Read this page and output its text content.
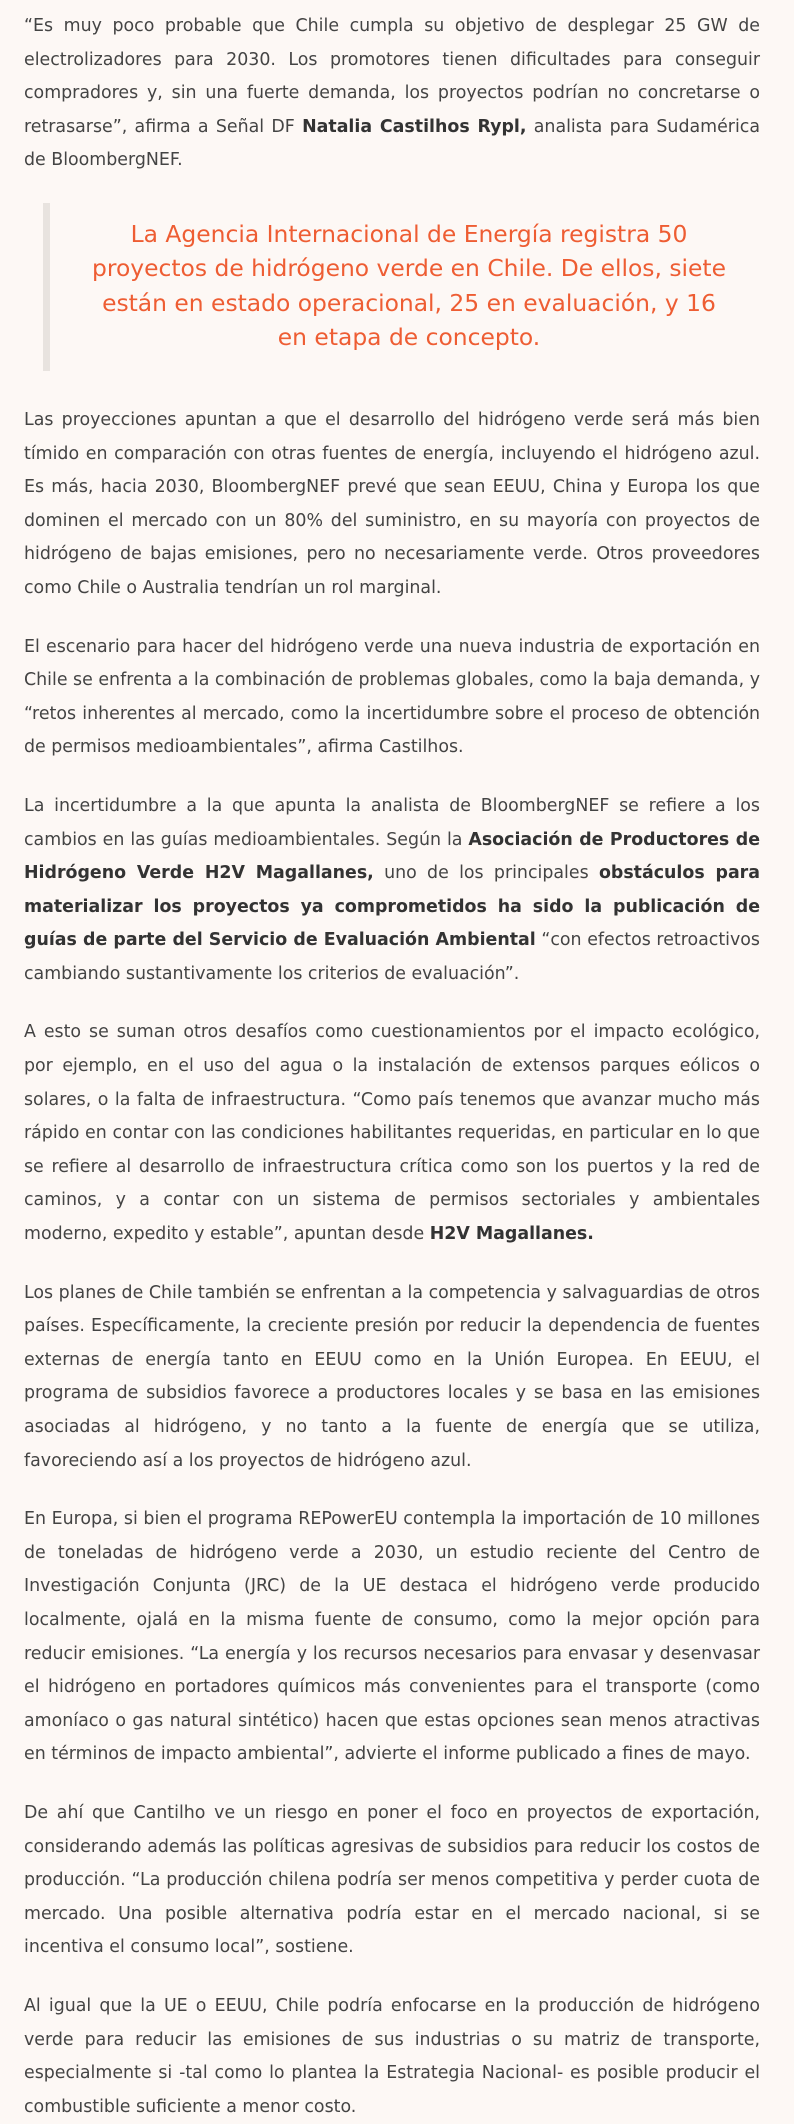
“Es muy poco probable que Chile cumpla su objetivo de desplegar 25 GW de electrolizadores para 2030. Los promotores tienen dificultades para conseguir compradores y, sin una fuerte demanda, los proyectos podrían no concretarse o retrasarse”, afirma a Señal DF Natalia Castilhos Rypl, analista para Sudamérica de BloombergNEF.

La Agencia Internacional de Energía registra 50 proyectos de hidrógeno verde en Chile. De ellos, siete están en estado operacional, 25 en evaluación, y 16 en etapa de concepto.

Las proyecciones apuntan a que el desarrollo del hidrógeno verde será más bien tímido en comparación con otras fuentes de energía, incluyendo el hidrógeno azul. Es más, hacia 2030, BloombergNEF prevé que sean EEUU, China y Europa los que dominen el mercado con un 80% del suministro, en su mayoría con proyectos de hidrógeno de bajas emisiones, pero no necesariamente verde. Otros proveedores como Chile o Australia tendrían un rol marginal.

El escenario para hacer del hidrógeno verde una nueva industria de exportación en Chile se enfrenta a la combinación de problemas globales, como la baja demanda, y “retos inherentes al mercado, como la incertidumbre sobre el proceso de obtención de permisos medioambientales”, afirma Castilhos.

La incertidumbre a la que apunta la analista de BloombergNEF se refiere a los cambios en las guías medioambientales. Según la Asociación de Productores de Hidrógeno Verde H2V Magallanes, uno de los principales obstáculos para materializar los proyectos ya comprometidos ha sido la publicación de guías de parte del Servicio de Evaluación Ambiental “con efectos retroactivos cambiando sustantivamente los criterios de evaluación”.

A esto se suman otros desafíos como cuestionamientos por el impacto ecológico, por ejemplo, en el uso del agua o la instalación de extensos parques eólicos o solares, o la falta de infraestructura. “Como país tenemos que avanzar mucho más rápido en contar con las condiciones habilitantes requeridas, en particular en lo que se refiere al desarrollo de infraestructura crítica como son los puertos y la red de caminos, y a contar con un sistema de permisos sectoriales y ambientales moderno, expedito y estable”, apuntan desde H2V Magallanes.

Los planes de Chile también se enfrentan a la competencia y salvaguardias de otros países. Específicamente, la creciente presión por reducir la dependencia de fuentes externas de energía tanto en EEUU como en la Unión Europea. En EEUU, el programa de subsidios favorece a productores locales y se basa en las emisiones asociadas al hidrógeno, y no tanto a la fuente de energía que se utiliza, favoreciendo así a los proyectos de hidrógeno azul.

En Europa, si bien el programa REPowerEU contempla la importación de 10 millones de toneladas de hidrógeno verde a 2030, un estudio reciente del Centro de Investigación Conjunta (JRC) de la UE destaca el hidrógeno verde producido localmente, ojalá en la misma fuente de consumo, como la mejor opción para reducir emisiones. “La energía y los recursos necesarios para envasar y desenvasar el hidrógeno en portadores químicos más convenientes para el transporte (como amoníaco o gas natural sintético) hacen que estas opciones sean menos atractivas en términos de impacto ambiental”, advierte el informe publicado a fines de mayo.

De ahí que Cantilho ve un riesgo en poner el foco en proyectos de exportación, considerando además las políticas agresivas de subsidios para reducir los costos de producción. “La producción chilena podría ser menos competitiva y perder cuota de mercado. Una posible alternativa podría estar en el mercado nacional, si se incentiva el consumo local”, sostiene.

Al igual que la UE o EEUU, Chile podría enfocarse en la producción de hidrógeno verde para reducir las emisiones de sus industrias o su matriz de transporte, especialmente si -tal como lo plantea la Estrategia Nacional- es posible producir el combustible suficiente a menor costo.
